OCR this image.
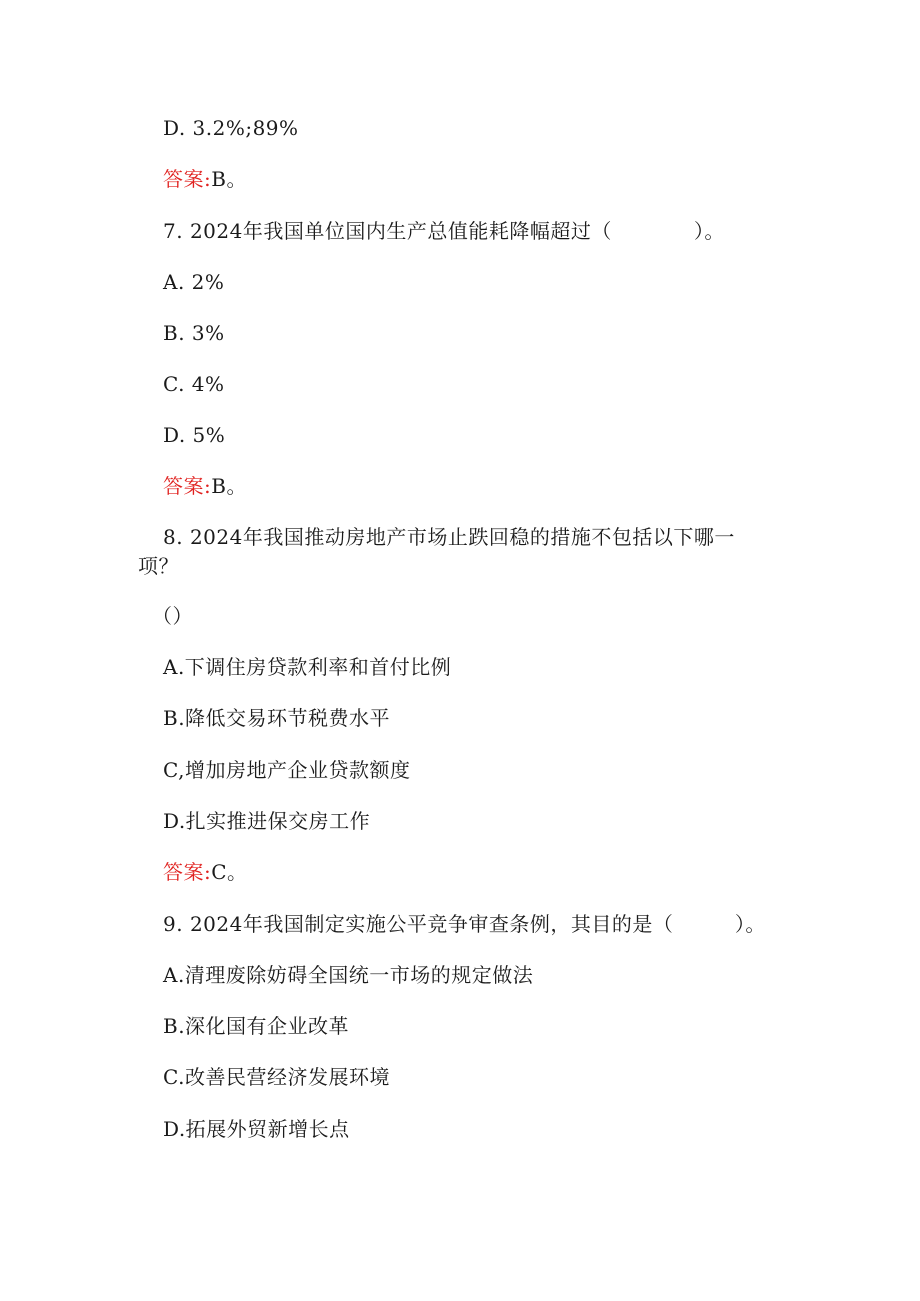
D. 3.2%;89%
答案:B。
7. 2024年我国单位国内生产总值能耗降幅超过（　　　　）。
A. 2%
B. 3%
C. 4%
D. 5%
答案:B。
8. 2024年我国推动房地产市场止跌回稳的措施不包括以下哪一
项？
（）
A.下调住房贷款利率和首付比例
B.降低交易环节税费水平
C,增加房地产企业贷款额度
D.扎实推进保交房工作
答案:C。
9. 2024年我国制定实施公平竞争审查条例，其目的是（　　　）。
A.清理废除妨碍全国统一市场的规定做法
B.深化国有企业改革
C.改善民营经济发展环境
D.拓展外贸新增长点
